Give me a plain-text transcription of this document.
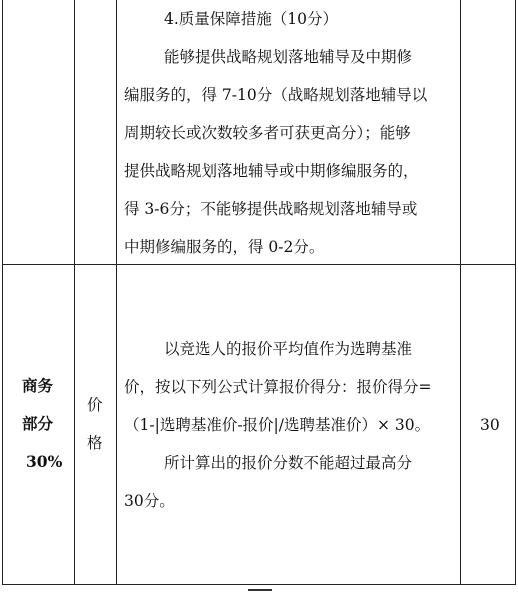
4.质量保障措施（10分）
能够提供战略规划落地辅导及中期修
编服务的，得 7-10分（战略规划落地辅导以
周期较长或次数较多者可获更高分）；能够
提供战略规划落地辅导或中期修编服务的，
得 3-6分；不能够提供战略规划落地辅导或
中期修编服务的，得 0-2分。
商务
部分
30%
价
格
以竞选人的报价平均值作为选聘基准
价，按以下列公式计算报价得分：报价得分=
（1-|选聘基准价-报价|/选聘基准价）× 30。
所计算出的报价分数不能超过最高分
30分。
30
